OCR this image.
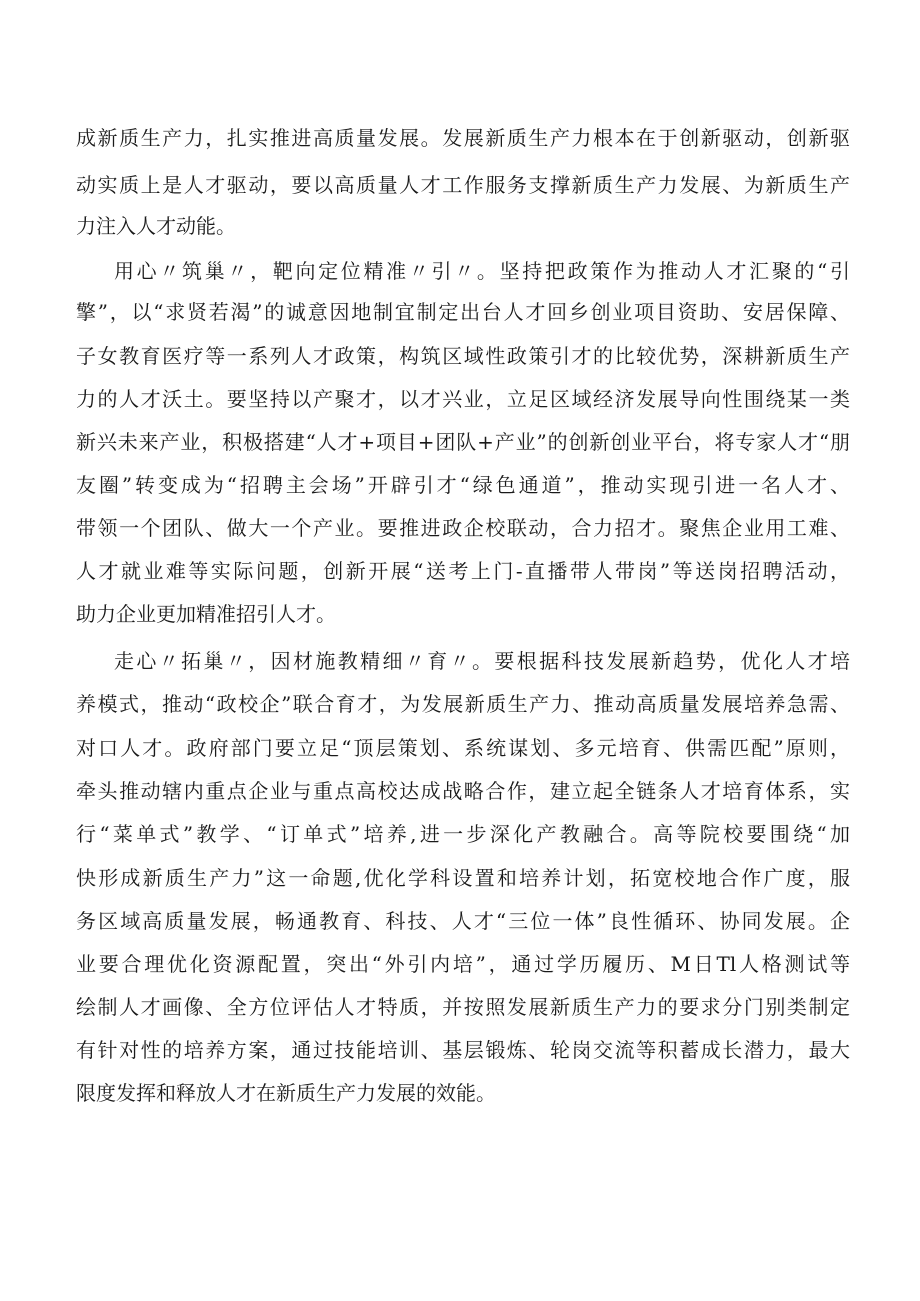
成新质生产力，扎实推进高质量发展。发展新质生产力根本在于创新驱动，创新驱

动实质上是人才驱动，要以高质量人才工作服务支撑新质生产力发展、为新质生产

力注入人才动能。

用心〃筑巢〃，靶向定位精准〃引〃。坚持把政策作为推动人才汇聚的“引

擎”，以“求贤若渴”的诚意因地制宜制定出台人才回乡创业项目资助、安居保障、

子女教育医疗等一系列人才政策，构筑区域性政策引才的比较优势，深耕新质生产

力的人才沃土。要坚持以产聚才，以才兴业，立足区域经济发展导向性围绕某一类

新兴未来产业，积极搭建“人才+项目+团队+产业”的创新创业平台，将专家人才“朋

友圈”转变成为“招聘主会场”开辟引才“绿色通道”，推动实现引进一名人才、

带领一个团队、做大一个产业。要推进政企校联动，合力招才。聚焦企业用工难、

人才就业难等实际问题，创新开展“送考上门-直播带人带岗”等送岗招聘活动，

助力企业更加精准招引人才。

走心〃拓巢〃，因材施教精细〃育〃。要根据科技发展新趋势，优化人才培

养模式，推动“政校企”联合育才，为发展新质生产力、推动高质量发展培养急需、

对口人才。政府部门要立足“顶层策划、系统谋划、多元培育、供需匹配”原则，

牵头推动辖内重点企业与重点高校达成战略合作，建立起全链条人才培育体系，实

行“菜单式”教学、“订单式”培养,进一步深化产教融合。高等院校要围绕“加

快形成新质生产力”这一命题,优化学科设置和培养计划，拓宽校地合作广度，服

务区域高质量发展，畅通教育、科技、人才“三位一体”良性循环、协同发展。企

业要合理优化资源配置，突出“外引内培”，通过学历履历、M日Tl人格测试等

绘制人才画像、全方位评估人才特质，并按照发展新质生产力的要求分门别类制定

有针对性的培养方案，通过技能培训、基层锻炼、轮岗交流等积蓄成长潜力，最大

限度发挥和释放人才在新质生产力发展的效能。
